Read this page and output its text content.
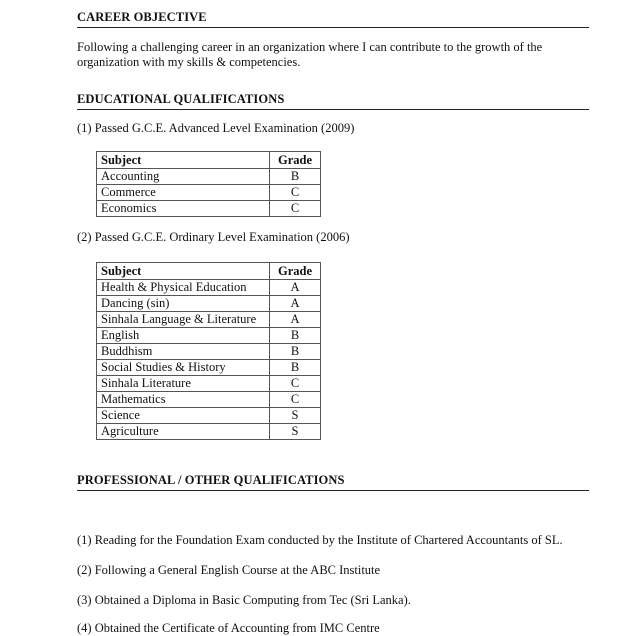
CAREER OBJECTIVE
Following a challenging career in an organization where I can contribute to the growth of the
organization with my skills & competencies.
EDUCATIONAL QUALIFICATIONS
(1) Passed G.C.E. Advanced Level Examination (2009)
Subject	Grade
Accounting	B
Commerce	C
Economics	C
(2) Passed G.C.E. Ordinary Level Examination (2006)
Subject	Grade
Health & Physical Education	A
Dancing (sin)	A
Sinhala Language & Literature	A
English	B
Buddhism	B
Social Studies & History	B
Sinhala Literature	C
Mathematics	C
Science	S
Agriculture	S
PROFESSIONAL / OTHER QUALIFICATIONS
(1) Reading for the Foundation Exam conducted by the Institute of Chartered Accountants of SL.
(2) Following a General English Course at the ABC Institute
(3) Obtained a Diploma in Basic Computing from Tec (Sri Lanka).
(4) Obtained the Certificate of Accounting from IMC Centre
